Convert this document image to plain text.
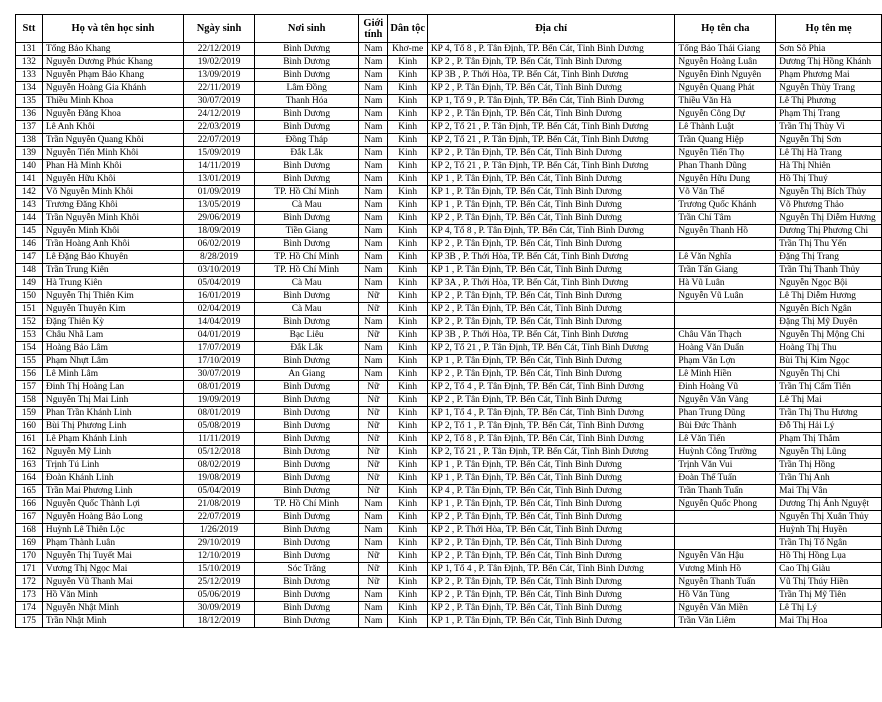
Stt	Họ và tên học sinh	Ngày sinh	Nơi sinh	Giới tính	Dân tộc	Địa chỉ	Họ tên cha	Họ tên mẹ
131	Tống Bảo Khang	22/12/2019	Bình Dương	Nam	Khơ-me	KP 4, Tổ 8 , P. Tân Định, TP. Bến Cát, Tỉnh Bình Dương	Tống Bảo Thái Giang	Sơn Sô Phia
132	Nguyễn Dương Phúc Khang	19/02/2019	Bình Dương	Nam	Kinh	KP 2 , P. Tân Định, TP. Bến Cát, Tỉnh Bình Dương	Nguyễn Hoàng Luân	Dương Thị Hồng Khánh
133	Nguyễn Phạm Bảo Khang	13/09/2019	Bình Dương	Nam	Kinh	KP 3B , P. Thới Hòa, TP. Bến Cát, Tỉnh Bình Dương	Nguyễn Đình Nguyên	Phạm Phương Mai
134	Nguyễn Hoàng Gia Khánh	22/11/2019	Lâm Đồng	Nam	Kinh	KP 2 , P. Tân Định, TP. Bến Cát, Tỉnh Bình Dương	Nguyễn Quang Phát	Nguyễn Thùy Trang
135	Thiều Minh Khoa	30/07/2019	Thanh Hóa	Nam	Kinh	KP 1, Tổ 9 , P. Tân Định, TP. Bến Cát, Tỉnh Bình Dương	Thiều Văn Hà	Lê Thị Phương
136	Nguyễn Đăng Khoa	24/12/2019	Bình Dương	Nam	Kinh	KP 2 , P. Tân Định, TP. Bến Cát, Tỉnh Bình Dương	Nguyễn Công Dự	Phạm Thị Trang
137	Lê Anh Khôi	22/03/2019	Bình Dương	Nam	Kinh	KP 2, Tổ 21 , P. Tân Định, TP. Bến Cát, Tỉnh Bình Dương	Lê Thành Luật	Trần Thị Thùy Vi
138	Trần Nguyễn Quang Khôi	22/07/2019	Đồng Tháp	Nam	Kinh	KP 2, Tổ 21 , P. Tân Định, TP. Bến Cát, Tỉnh Bình Dương	Trần Quang Hiệp	Nguyễn Thị Sơn
139	Nguyễn Tiến Minh Khôi	15/09/2019	Đắk Lắk	Nam	Kinh	KP 2 , P. Tân Định, TP. Bến Cát, Tỉnh Bình Dương	Nguyễn Tiến Thọ	Lê Thị Hà Trang
140	Phan Hà Minh Khôi	14/11/2019	Bình Dương	Nam	Kinh	KP 2, Tổ 21 , P. Tân Định, TP. Bến Cát, Tỉnh Bình Dương	Phan Thanh Dũng	Hà Thị Nhiên
141	Nguyễn Hữu Khôi	13/01/2019	Bình Dương	Nam	Kinh	KP 1 , P. Tân Định, TP. Bến Cát, Tỉnh Bình Dương	Nguyễn Hữu Dung	Hồ Thị Thuý
142	Võ Nguyễn Minh Khôi	01/09/2019	TP. Hồ Chí Minh	Nam	Kinh	KP 1 , P. Tân Định, TP. Bến Cát, Tỉnh Bình Dương	Võ Văn Thế	Nguyễn Thị Bích Thủy
143	Trương Đăng Khôi	13/05/2019	Cà Mau	Nam	Kinh	KP 1 , P. Tân Định, TP. Bến Cát, Tỉnh Bình Dương	Trương Quốc Khánh	Võ Phương Thảo
144	Trần Nguyễn Minh Khôi	29/06/2019	Bình Dương	Nam	Kinh	KP 2 , P. Tân Định, TP. Bến Cát, Tỉnh Bình Dương	Trần Chí Tâm	Nguyễn Thị Diễm Hương
145	Nguyễn Minh Khôi	18/09/2019	Tiền Giang	Nam	Kinh	KP 4, Tổ 8 , P. Tân Định, TP. Bến Cát, Tỉnh Bình Dương	Nguyễn Thanh Hồ	Dương Thị Phương Chi
146	Trần Hoàng Anh Khôi	06/02/2019	Bình Dương	Nam	Kinh	KP 2 , P. Tân Định, TP. Bến Cát, Tỉnh Bình Dương		Trần Thị Thu Yến
147	Lê Đặng Bảo Khuyên	8/28/2019	TP. Hồ Chí Minh	Nam	Kinh	KP 3B , P. Thới Hòa, TP. Bến Cát, Tỉnh Bình Dương	Lê Văn Nghĩa	Đặng Thị Trang
148	Trần Trung Kiên	03/10/2019	TP. Hồ Chí Minh	Nam	Kinh	KP 1 , P. Tân Định, TP. Bến Cát, Tỉnh Bình Dương	Trần Tấn Giang	Trần Thị Thanh Thủy
149	Hà Trung Kiên	05/04/2019	Cà Mau	Nam	Kinh	KP 3A , P. Thới Hòa, TP. Bến Cát, Tỉnh Bình Dương	Hà Vũ Luân	Nguyễn Ngọc Bội
150	Nguyễn Thị Thiên Kim	16/01/2019	Bình Dương	Nữ	Kinh	KP 2 , P. Tân Định, TP. Bến Cát, Tỉnh Bình Dương	Nguyễn Vũ Luân	Lê Thị Diễm Hương
151	Nguyễn Thuyên Kim	02/04/2019	Cà Mau	Nữ	Kinh	KP 2 , P. Tân Định, TP. Bến Cát, Tỉnh Bình Dương		Nguyễn Bích Ngân
152	Đặng Thiên Kỳ	14/04/2019	Bình Dương	Nam	Kinh	KP 2 , P. Tân Định, TP. Bến Cát, Tỉnh Bình Dương		Đặng Thị Mỹ Duyên
153	Châu Nhã Lam	04/01/2019	Bạc Liêu	Nữ	Kinh	KP 3B , P. Thới Hòa, TP. Bến Cát, Tỉnh Bình Dương	Châu Văn Thạch	Nguyễn Thị Mộng Chi
154	Hoàng Bảo Lâm	17/07/2019	Đắk Lắk	Nam	Kinh	KP 2, Tổ 21 , P. Tân Định, TP. Bến Cát, Tỉnh Bình Dương	Hoàng Văn Duẩn	Hoàng Thị Thu
155	Phạm Nhựt Lâm	17/10/2019	Bình Dương	Nam	Kinh	KP 1 , P. Tân Định, TP. Bến Cát, Tỉnh Bình Dương	Phạm Văn Lợn	Bùi Thị Kim Ngọc
156	Lê Minh Lâm	30/07/2019	An Giang	Nam	Kinh	KP 2 , P. Tân Định, TP. Bến Cát, Tỉnh Bình Dương	Lê Minh Hiền	Nguyễn Thị Chi
157	Đinh Thị Hoàng Lan	08/01/2019	Bình Dương	Nữ	Kinh	KP 2, Tổ 4 , P. Tân Định, TP. Bến Cát, Tỉnh Bình Dương	Đinh Hoàng Vũ	Trần Thị Cẩm Tiên
158	Nguyễn Thị Mai Linh	19/09/2019	Bình Dương	Nữ	Kinh	KP 2 , P. Tân Định, TP. Bến Cát, Tỉnh Bình Dương	Nguyễn Văn Vàng	Lê Thị Mai
159	Phan Trần Khánh Linh	08/01/2019	Bình Dương	Nữ	Kinh	KP 1, Tổ 4 , P. Tân Định, TP. Bến Cát, Tỉnh Bình Dương	Phan Trung Dũng	Trần Thị Thu Hương
160	Bùi Thị Phương Linh	05/08/2019	Bình Dương	Nữ	Kinh	KP 2, Tổ 1 , P. Tân Định, TP. Bến Cát, Tỉnh Bình Dương	Bùi Đức Thành	Đỗ Thị Hải Lý
161	Lê Phạm Khánh Linh	11/11/2019	Bình Dương	Nữ	Kinh	KP 2, Tổ 8 , P. Tân Định, TP. Bến Cát, Tỉnh Bình Dương	Lê Văn Tiến	Phạm Thị Thắm
162	Nguyễn Mỹ Linh	05/12/2018	Bình Dương	Nữ	Kinh	KP 2, Tổ 21 , P. Tân Định, TP. Bến Cát, Tỉnh Bình Dương	Huỳnh Công Trường	Nguyễn Thị Lũng
163	Trịnh Tú Linh	08/02/2019	Bình Dương	Nữ	Kinh	KP 1 , P. Tân Định, TP. Bến Cát, Tỉnh Bình Dương	Trịnh Văn Vui	Trần Thị Hồng
164	Đoàn Khánh Linh	19/08/2019	Bình Dương	Nữ	Kinh	KP 1 , P. Tân Định, TP. Bến Cát, Tỉnh Bình Dương	Đoàn Thế Tuấn	Trần Thị Anh
165	Trần Mai Phương Linh	05/04/2019	Bình Dương	Nữ	Kinh	KP 4 , P. Tân Định, TP. Bến Cát, Tỉnh Bình Dương	Trần Thanh Tuấn	Mai Thị Vân
166	Nguyễn Quốc Thành Lợi	21/08/2019	TP. Hồ Chí Minh	Nam	Kinh	KP 1 , P. Tân Định, TP. Bến Cát, Tỉnh Bình Dương	Nguyễn Quốc Phong	Dương Thị Ánh Nguyệt
167	Nguyễn Hoàng Bảo Long	22/07/2019	Bình Dương	Nam	Kinh	KP 2 , P. Tân Định, TP. Bến Cát, Tỉnh Bình Dương		Nguyễn Thị Xuân Thủy
168	Huỳnh Lê Thiên Lộc	1/26/2019	Bình Dương	Nam	Kinh	KP 2 , P. Thới Hòa, TP. Bến Cát, Tỉnh Bình Dương		Huỳnh Thị Huyền
169	Phạm Thành Luân	29/10/2019	Bình Dương	Nam	Kinh	KP 2 , P. Tân Định, TP. Bến Cát, Tỉnh Bình Dương		Trần Thị Tố Ngân
170	Nguyễn Thị Tuyết Mai	12/10/2019	Bình Dương	Nữ	Kinh	KP 2 , P. Tân Định, TP. Bến Cát, Tỉnh Bình Dương	Nguyễn Văn Hậu	Hồ Thị Hồng Lụa
171	Vương Thị Ngọc Mai	15/10/2019	Sóc Trăng	Nữ	Kinh	KP 1, Tổ 4 , P. Tân Định, TP. Bến Cát, Tỉnh Bình Dương	Vương Minh Hồ	Cao Thị Giàu
172	Nguyễn Vũ Thanh Mai	25/12/2019	Bình Dương	Nữ	Kinh	KP 2 , P. Tân Định, TP. Bến Cát, Tỉnh Bình Dương	Nguyễn Thanh Tuấn	Vũ Thị Thúy Hiền
173	Hồ Văn Minh	05/06/2019	Bình Dương	Nam	Kinh	KP 2 , P. Tân Định, TP. Bến Cát, Tỉnh Bình Dương	Hồ Văn Tùng	Trần Thị Mỹ Tiên
174	Nguyễn Nhật Minh	30/09/2019	Bình Dương	Nam	Kinh	KP 2 , P. Tân Định, TP. Bến Cát, Tỉnh Bình Dương	Nguyễn Văn Miền	Lê Thị Lý
175	Trần Nhật Minh	18/12/2019	Bình Dương	Nam	Kinh	KP 1 , P. Tân Định, TP. Bến Cát, Tỉnh Bình Dương	Trần Văn Liêm	Mai Thị Hoa
